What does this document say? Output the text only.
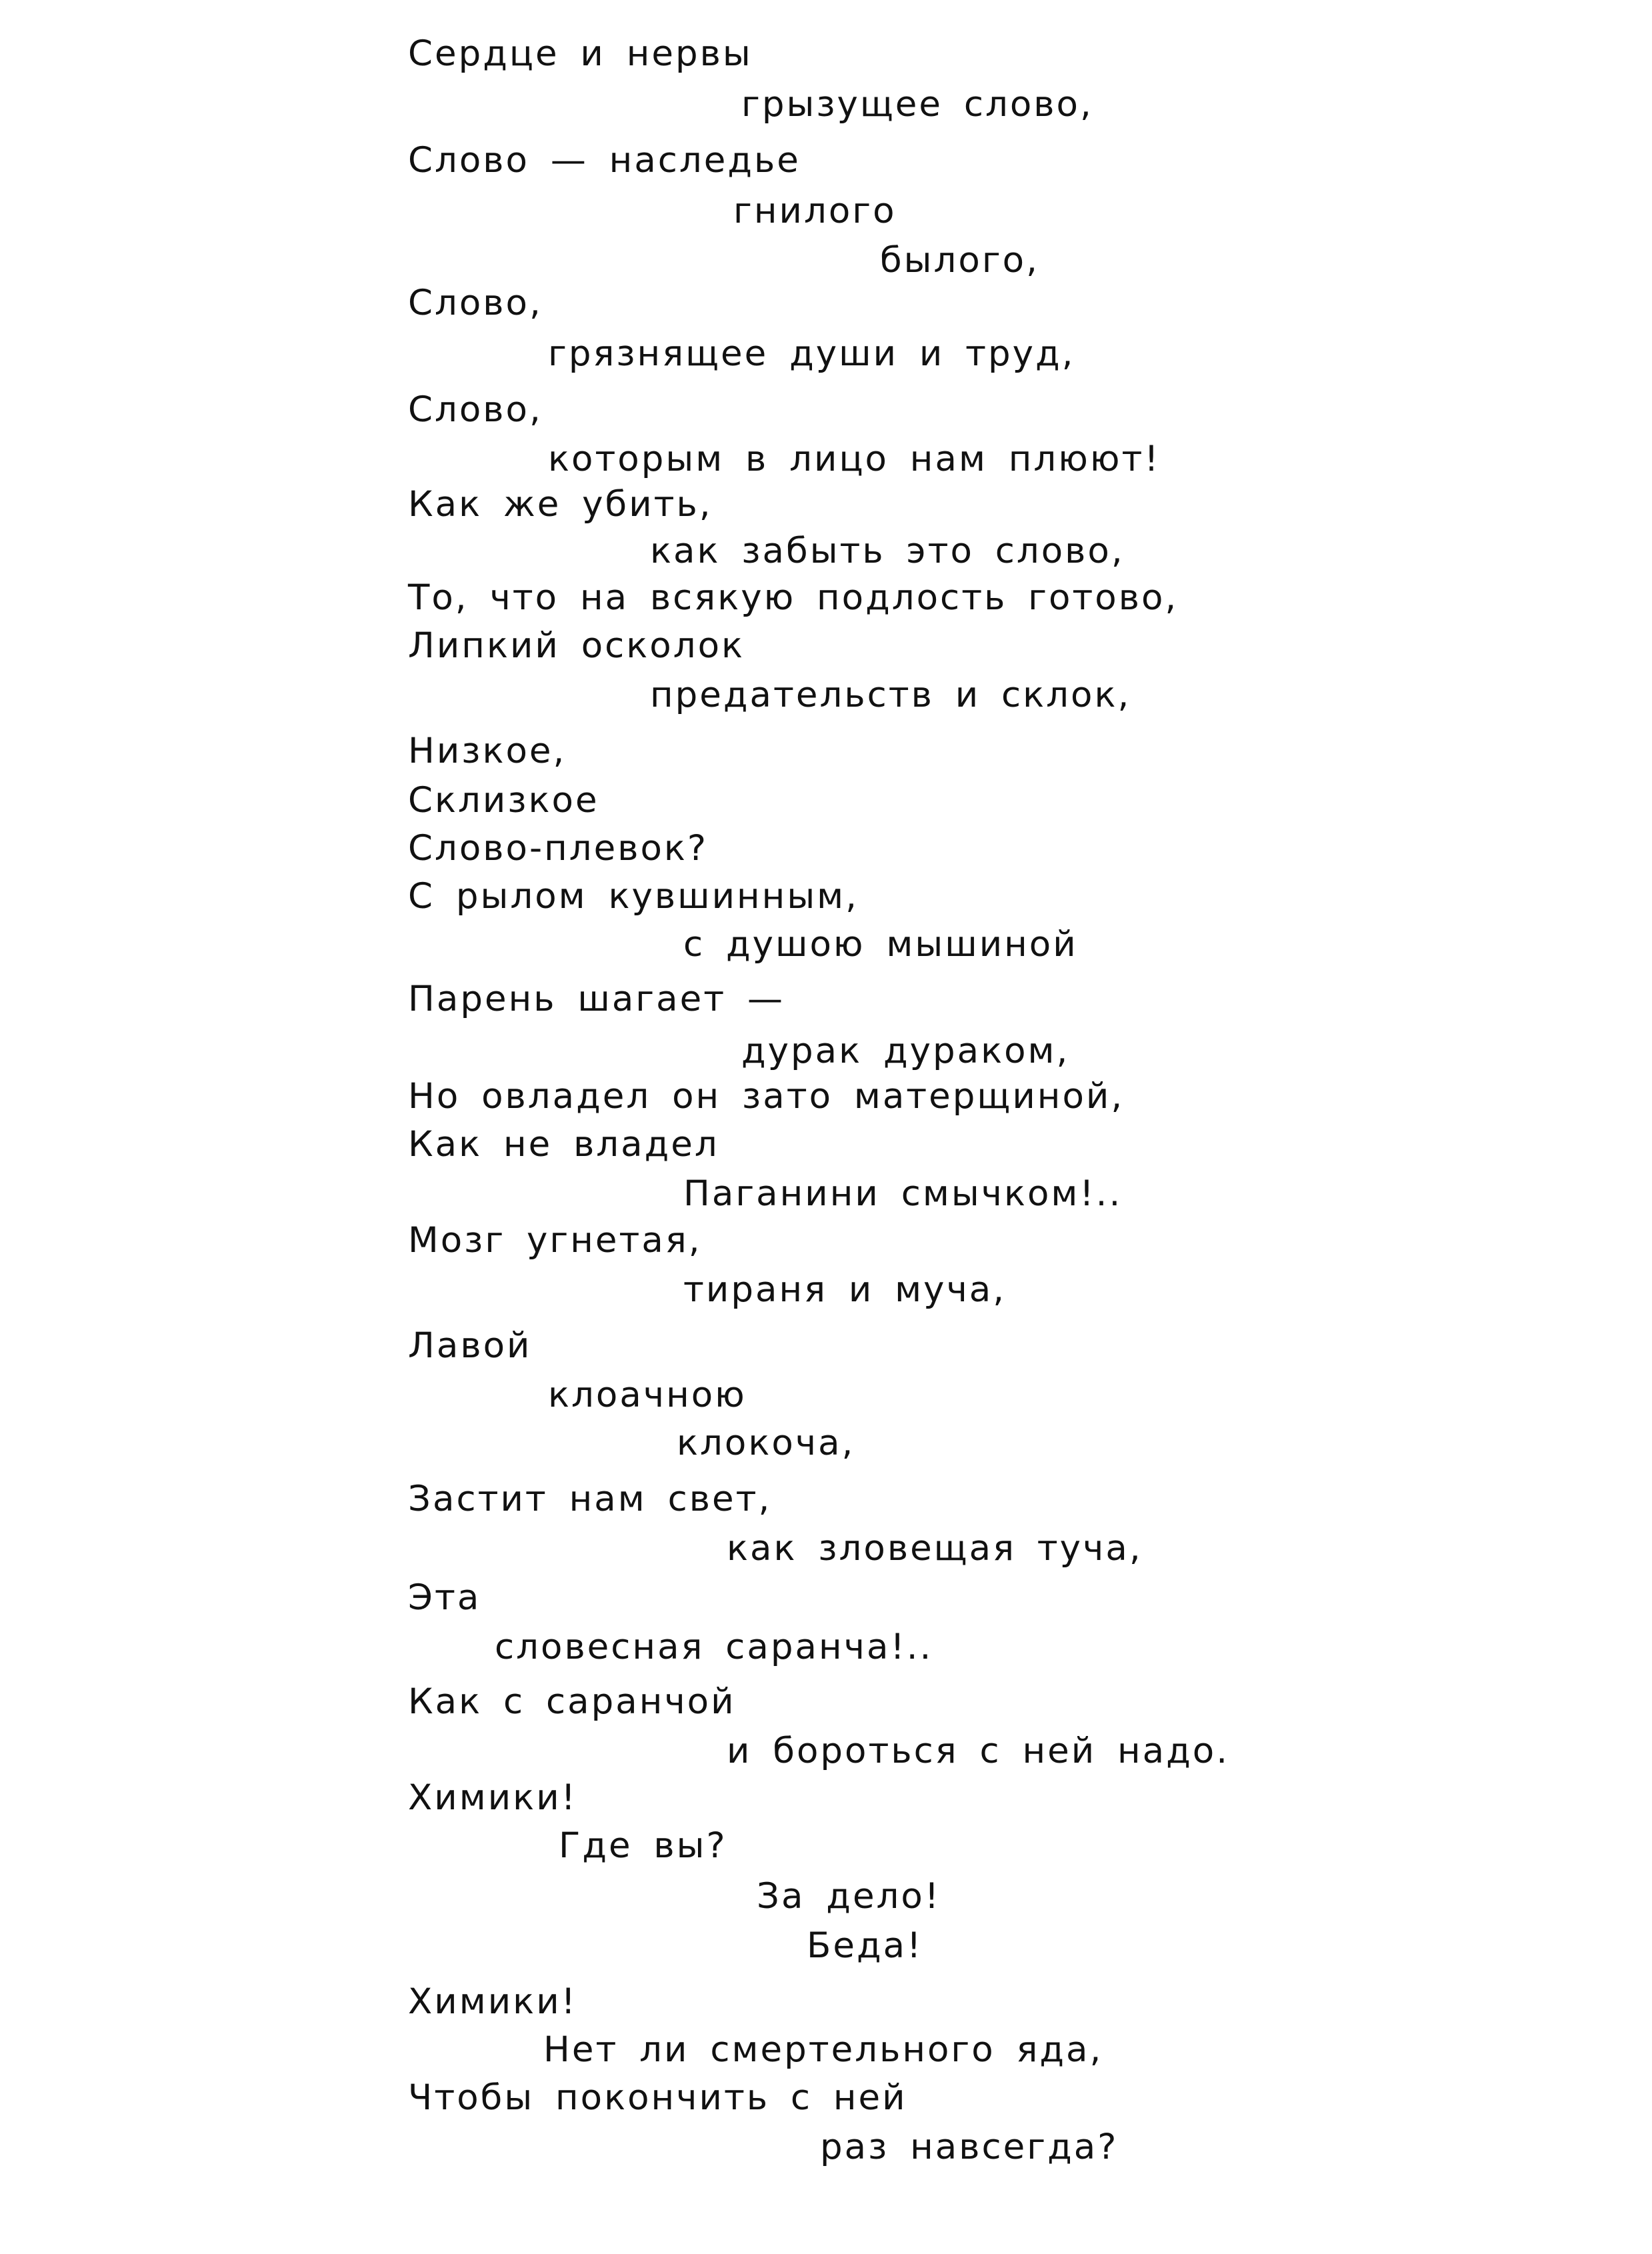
Сердце и нервы
грызущее слово,
Слово — наследье
гнилого
былого,
Слово,
грязнящее души и труд,
Слово,
которым в лицо нам плюют!
Как же убить,
как забыть это слово,
То, что на всякую подлость готово,
Липкий осколок
предательств и склок,
Низкое,
Склизкое
Слово-плевок?
С рылом кувшинным,
с душою мышиной
Парень шагает —
дурак дураком,
Но овладел он зато матерщиной,
Как не владел
Паганини смычком!..
Мозг угнетая,
тираня и муча,
Лавой
клоачною
клокоча,
Застит нам свет,
как зловещая туча,
Эта
словесная саранча!..
Как с саранчой
и бороться с ней надо.
Химики!
Где вы?
За дело!
Беда!
Химики!
Нет ли смертельного яда,
Чтобы покончить с ней
раз навсегда?
